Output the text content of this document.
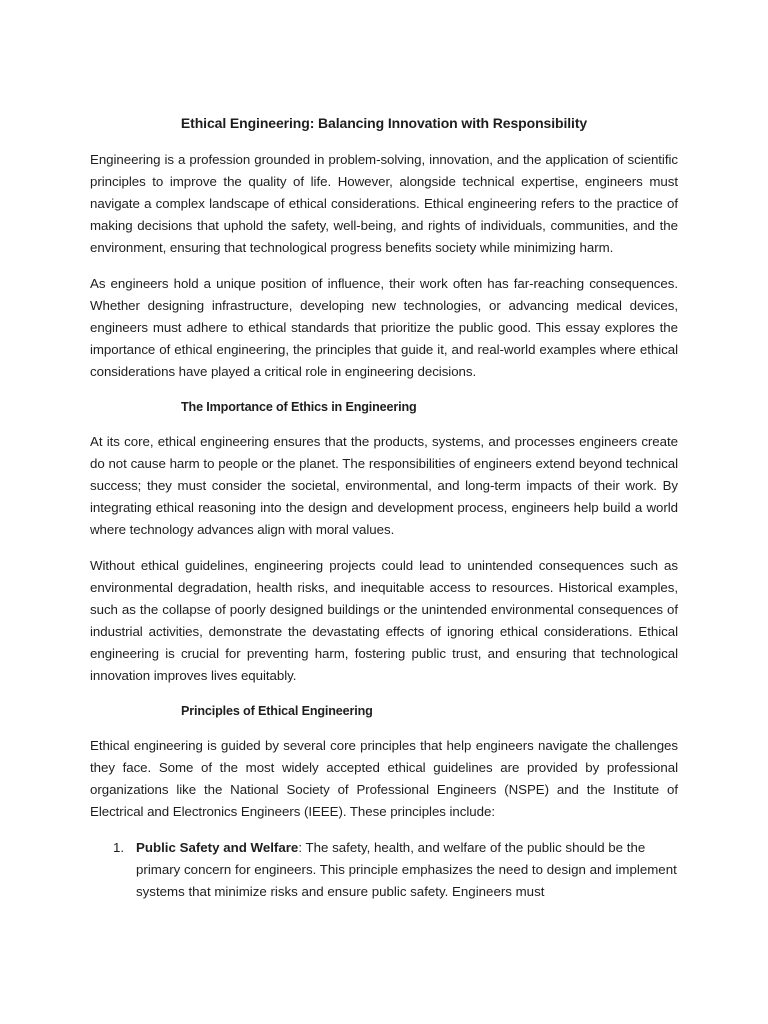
Ethical Engineering: Balancing Innovation with Responsibility

Engineering is a profession grounded in problem-solving, innovation, and the application of scientific principles to improve the quality of life. However, alongside technical expertise, engineers must navigate a complex landscape of ethical considerations. Ethical engineering refers to the practice of making decisions that uphold the safety, well-being, and rights of individuals, communities, and the environment, ensuring that technological progress benefits society while minimizing harm.

As engineers hold a unique position of influence, their work often has far-reaching consequences. Whether designing infrastructure, developing new technologies, or advancing medical devices, engineers must adhere to ethical standards that prioritize the public good. This essay explores the importance of ethical engineering, the principles that guide it, and real-world examples where ethical considerations have played a critical role in engineering decisions.

The Importance of Ethics in Engineering

At its core, ethical engineering ensures that the products, systems, and processes engineers create do not cause harm to people or the planet. The responsibilities of engineers extend beyond technical success; they must consider the societal, environmental, and long-term impacts of their work. By integrating ethical reasoning into the design and development process, engineers help build a world where technology advances align with moral values.

Without ethical guidelines, engineering projects could lead to unintended consequences such as environmental degradation, health risks, and inequitable access to resources. Historical examples, such as the collapse of poorly designed buildings or the unintended environmental consequences of industrial activities, demonstrate the devastating effects of ignoring ethical considerations. Ethical engineering is crucial for preventing harm, fostering public trust, and ensuring that technological innovation improves lives equitably.

Principles of Ethical Engineering

Ethical engineering is guided by several core principles that help engineers navigate the challenges they face. Some of the most widely accepted ethical guidelines are provided by professional organizations like the National Society of Professional Engineers (NSPE) and the Institute of Electrical and Electronics Engineers (IEEE). These principles include:

1. Public Safety and Welfare: The safety, health, and welfare of the public should be the primary concern for engineers. This principle emphasizes the need to design and implement systems that minimize risks and ensure public safety. Engineers must
